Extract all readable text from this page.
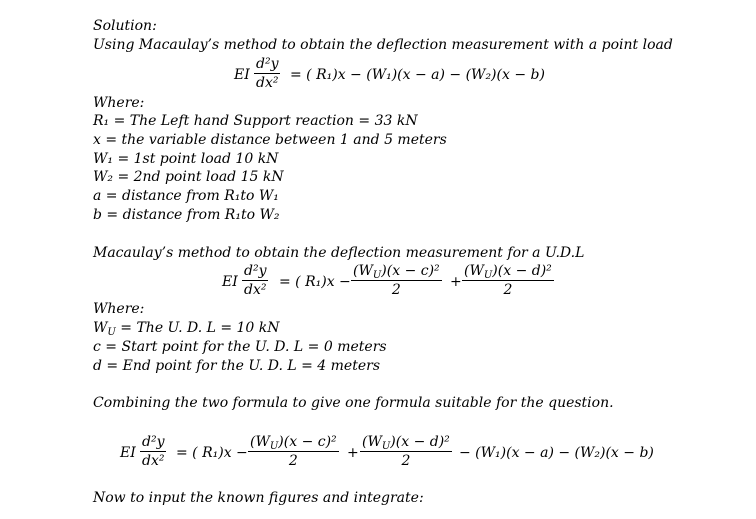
Solution:
Using Macaulay’s method to obtain the deflection measurement with a point load
EI $\frac{\text{d²y}}{\text{dx²}}$ = ( R₁)x − (W₁)(x − a) − (W₂)(x − b)
Where:
R₁ = The Left hand Support reaction = 33 kN
x = the variable distance between 1 and 5 meters
W₁ = 1st point load 10 kN
W₂ = 2nd point load 15 kN
a = distance from R₁to W₁
b = distance from R₁to W₂
Macaulay’s method to obtain the deflection measurement for a U.D.L
EI $\frac{\text{d²y}}{\text{dx²}}$ = ( $R_1)x - \frac{(W_U)(x - c)^2}{2} + \frac{(W_U)(x - d)^2}{2}$
Where:
$W_U$ = The U. D. L = 10 kN
c = Start point for the U. D. L = 0 meters
d = End point for the U. D. L = 4 meters
Combining the two formula to give one formula suitable for the question.
EI $\frac{\text{d²y}}{\text{dx²}}$ = ( $R_1)x - \frac{(W_U)(x - c)^2}{2} + \frac{(W_U)(x - d)^2}{2} - (W_1)(x - a) - (W_2)(x - b)$
Now to input the known figures and integrate:
